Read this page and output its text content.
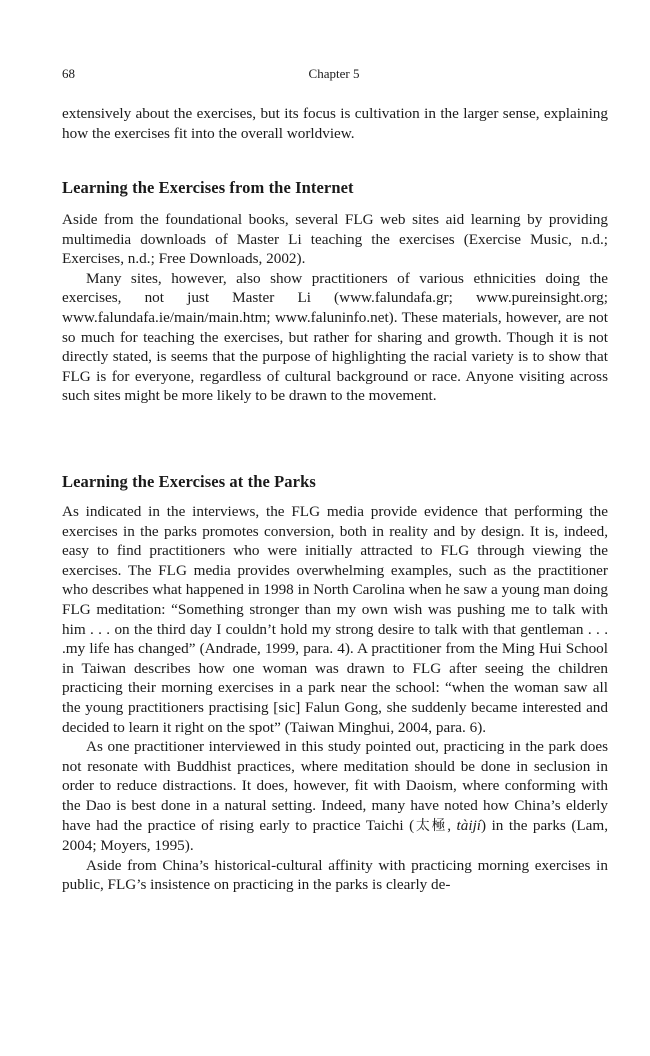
68	Chapter 5

extensively about the exercises, but its focus is cultivation in the larger sense, explaining how the exercises fit into the overall worldview.

Learning the Exercises from the Internet

Aside from the foundational books, several FLG web sites aid learning by providing multimedia downloads of Master Li teaching the exercises (Exercise Music, n.d.; Exercises, n.d.; Free Downloads, 2002).

Many sites, however, also show practitioners of various ethnicities doing the exercises, not just Master Li (www.falundafa.gr; www.pureinsight.org; www.falundafa.ie/main/main.htm; www.faluninfo.net). These materials, however, are not so much for teaching the exercises, but rather for sharing and growth. Though it is not directly stated, is seems that the purpose of highlighting the racial variety is to show that FLG is for everyone, regardless of cultural background or race. Anyone visiting across such sites might be more likely to be drawn to the movement.

Learning the Exercises at the Parks

As indicated in the interviews, the FLG media provide evidence that performing the exercises in the parks promotes conversion, both in reality and by design. It is, indeed, easy to find practitioners who were initially attracted to FLG through viewing the exercises. The FLG media provides overwhelming examples, such as the practitioner who describes what happened in 1998 in North Carolina when he saw a young man doing FLG meditation: “Something stronger than my own wish was pushing me to talk with him . . . on the third day I couldn’t hold my strong desire to talk with that gentleman . . . .my life has changed” (Andrade, 1999, para. 4). A practitioner from the Ming Hui School in Taiwan describes how one woman was drawn to FLG after seeing the children practicing their morning exercises in a park near the school: “when the woman saw all the young practitioners practising [sic] Falun Gong, she suddenly became interested and decided to learn it right on the spot” (Taiwan Minghui, 2004, para. 6).

As one practitioner interviewed in this study pointed out, practicing in the park does not resonate with Buddhist practices, where meditation should be done in seclusion in order to reduce distractions. It does, however, fit with Daoism, where conforming with the Dao is best done in a natural setting. Indeed, many have noted how China’s elderly have had the practice of rising early to practice Taichi (太極, tàijí) in the parks (Lam, 2004; Moyers, 1995).

Aside from China’s historical-cultural affinity with practicing morning exercises in public, FLG’s insistence on practicing in the parks is clearly de-
